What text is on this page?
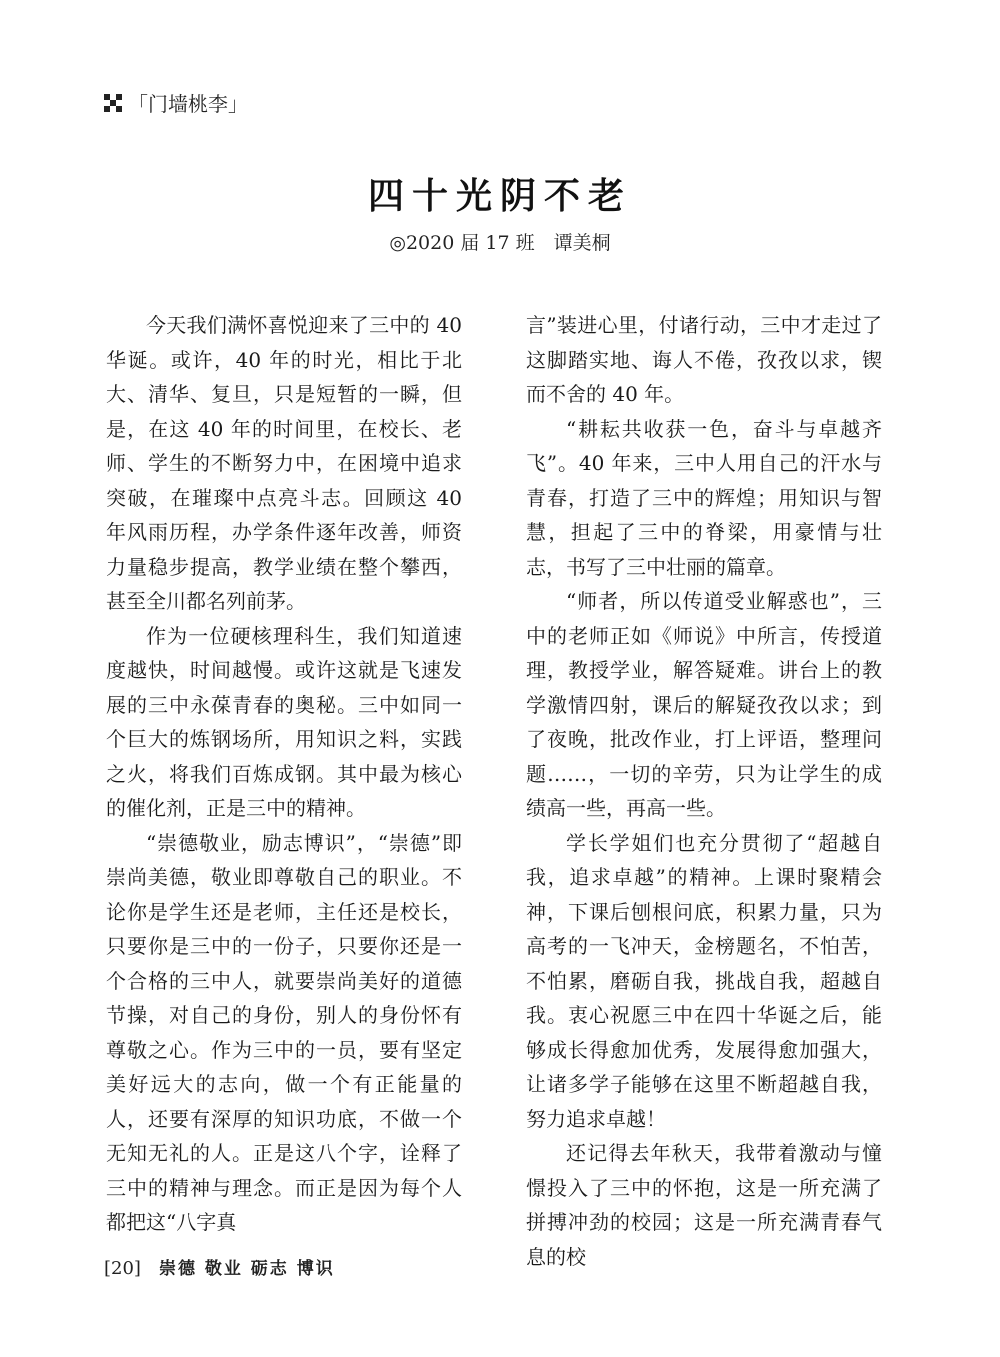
「门墙桃李」
四十光阴不老
◎2020 届 17 班　谭美桐

今天我们满怀喜悦迎来了三中的 40 华诞。或许，40 年的时光，相比于北大、清华、复旦，只是短暂的一瞬，但是，在这 40 年的时间里，在校长、老师、学生的不断努力中，在困境中追求突破，在璀璨中点亮斗志。回顾这 40 年风雨历程，办学条件逐年改善，师资力量稳步提高，教学业绩在整个攀西，甚至全川都名列前茅。

作为一位硬核理科生，我们知道速度越快，时间越慢。或许这就是飞速发展的三中永葆青春的奥秘。三中如同一个巨大的炼钢场所，用知识之料，实践之火，将我们百炼成钢。其中最为核心的催化剂，正是三中的精神。

“崇德敬业，励志博识”，“崇德”即崇尚美德，敬业即尊敬自己的职业。不论你是学生还是老师，主任还是校长，只要你是三中的一份子，只要你还是一个合格的三中人，就要崇尚美好的道德节操，对自己的身份，别人的身份怀有尊敬之心。作为三中的一员，要有坚定美好远大的志向，做一个有正能量的人，还要有深厚的知识功底，不做一个无知无礼的人。正是这八个字，诠释了三中的精神与理念。而正是因为每个人都把这“八字真

言”装进心里，付诸行动，三中才走过了这脚踏实地、诲人不倦，孜孜以求，锲而不舍的 40 年。

“耕耘共收获一色，奋斗与卓越齐飞”。40 年来，三中人用自己的汗水与青春，打造了三中的辉煌；用知识与智慧，担起了三中的脊梁，用豪情与壮志，书写了三中壮丽的篇章。

“师者，所以传道受业解惑也”，三中的老师正如《师说》中所言，传授道理，教授学业，解答疑难。讲台上的教学激情四射，课后的解疑孜孜以求；到了夜晚，批改作业，打上评语，整理问题……，一切的辛劳，只为让学生的成绩高一些，再高一些。

学长学姐们也充分贯彻了“超越自我，追求卓越”的精神。上课时聚精会神，下课后刨根问底，积累力量，只为高考的一飞冲天，金榜题名，不怕苦，不怕累，磨砺自我，挑战自我，超越自我。衷心祝愿三中在四十华诞之后，能够成长得愈加优秀，发展得愈加强大，让诸多学子能够在这里不断超越自我，努力追求卓越！

还记得去年秋天，我带着激动与憧憬投入了三中的怀抱，这是一所充满了拼搏冲劲的校园；这是一所充满青春气息的校

[20] 崇德 敬业 砺志 博识
